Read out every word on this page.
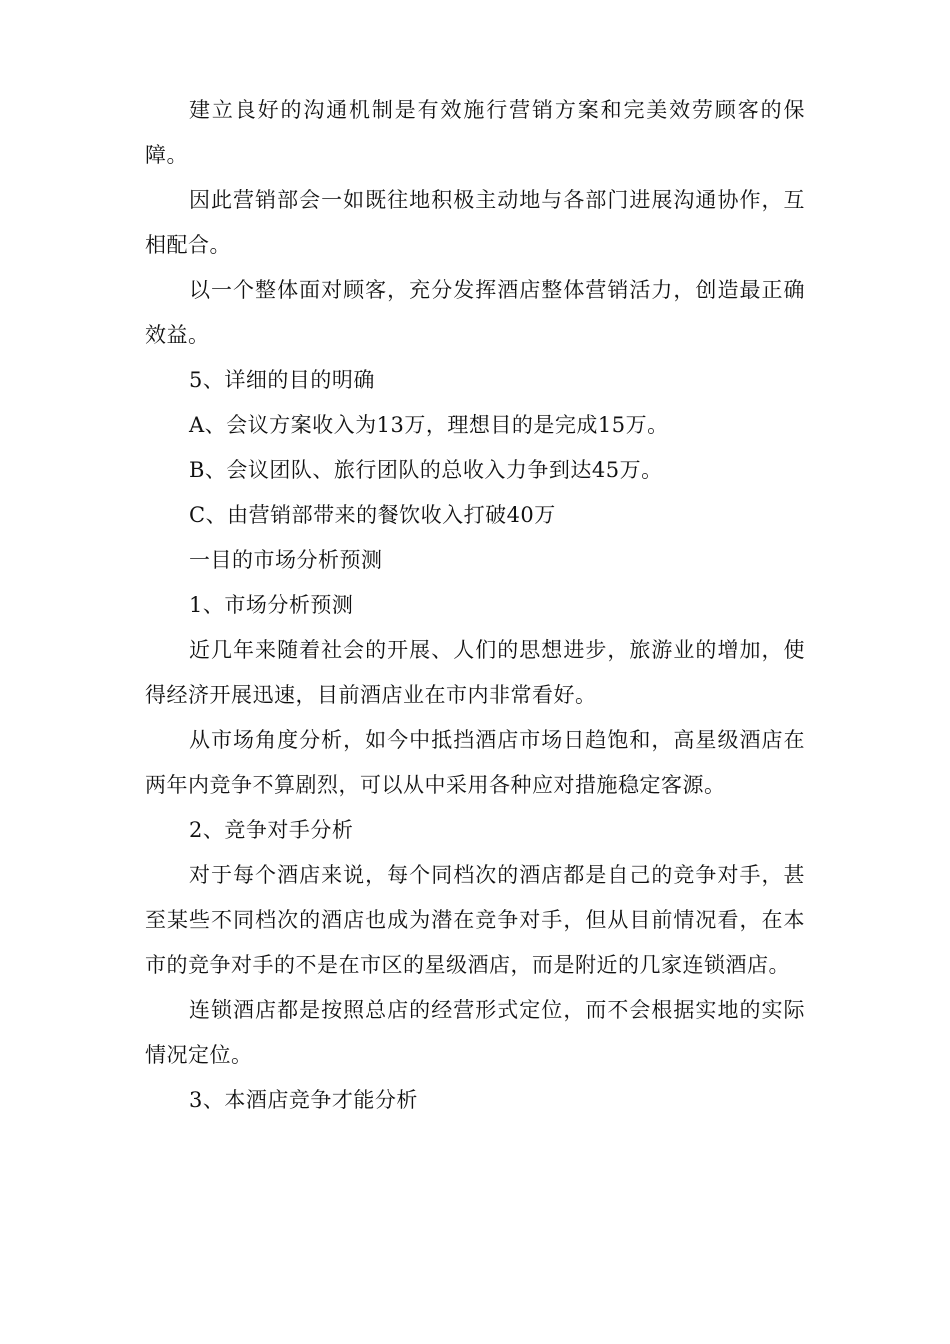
建立良好的沟通机制是有效施行营销方案和完美效劳顾客的保障。

因此营销部会一如既往地积极主动地与各部门进展沟通协作，互相配合。

以一个整体面对顾客，充分发挥酒店整体营销活力，创造最正确效益。

5、详细的目的明确

A、会议方案收入为13万，理想目的是完成15万。

B、会议团队、旅行团队的总收入力争到达45万。

C、由营销部带来的餐饮收入打破40万

一目的市场分析预测

1、市场分析预测

近几年来随着社会的开展、人们的思想进步，旅游业的增加，使得经济开展迅速，目前酒店业在市内非常看好。

从市场角度分析，如今中抵挡酒店市场日趋饱和，高星级酒店在两年内竞争不算剧烈，可以从中采用各种应对措施稳定客源。

2、竞争对手分析

对于每个酒店来说，每个同档次的酒店都是自己的竞争对手，甚至某些不同档次的酒店也成为潜在竞争对手，但从目前情况看，在本市的竞争对手的不是在市区的星级酒店，而是附近的几家连锁酒店。

连锁酒店都是按照总店的经营形式定位，而不会根据实地的实际情况定位。

3、本酒店竞争才能分析
